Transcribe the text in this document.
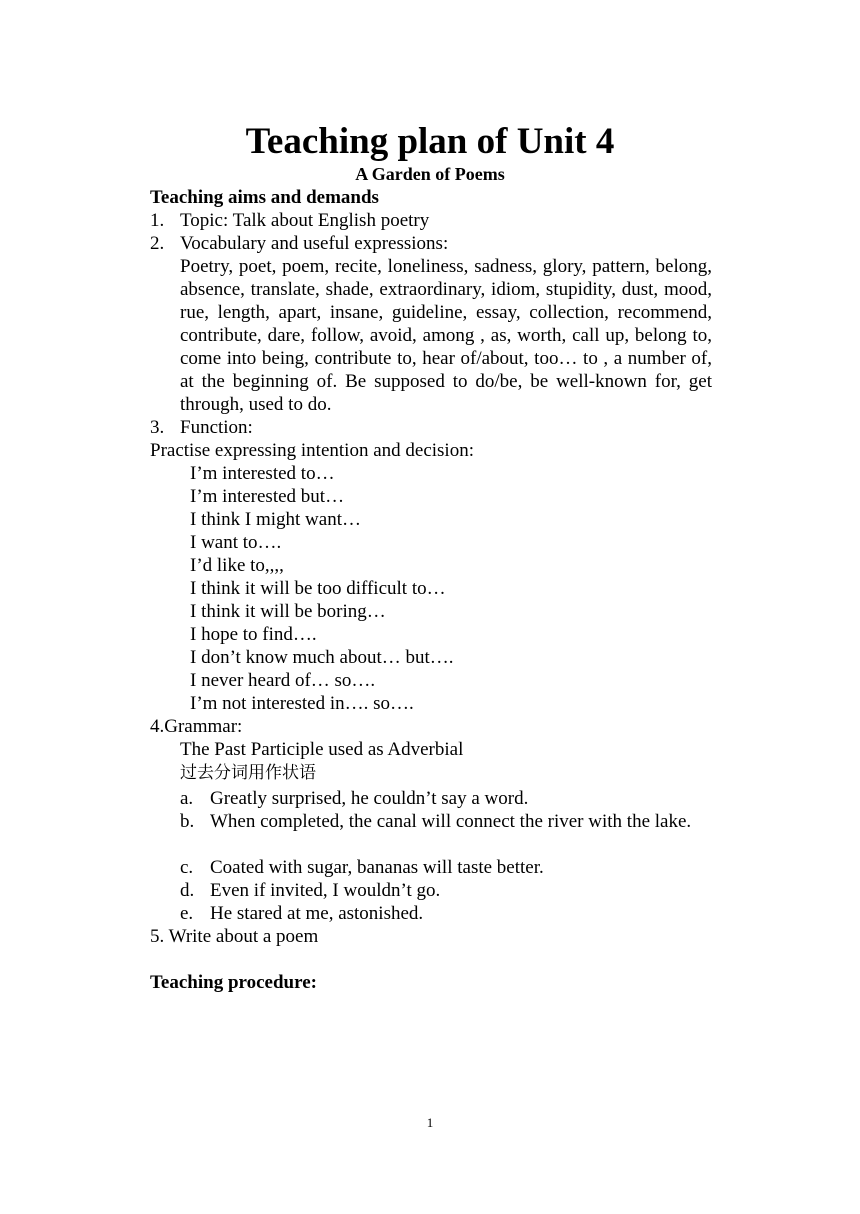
Teaching plan of Unit 4
A Garden of Poems
Teaching aims and demands
1. Topic: Talk about English poetry
2. Vocabulary and useful expressions:
Poetry, poet, poem, recite, loneliness, sadness, glory, pattern, belong, absence, translate, shade, extraordinary, idiom, stupidity, dust, mood, rue, length, apart, insane, guideline, essay, collection, recommend, contribute, dare, follow, avoid, among , as, worth, call up, belong to, come into being, contribute to, hear of/about, too… to , a number of, at the beginning of. Be supposed to do/be, be well-known for, get through, used to do.
3. Function:
Practise expressing intention and decision:
I’m interested to…
I’m interested but…
I think I might want…
I want to….
I’d like to,,,,
I think it will be too difficult to…
I think it will be boring…
I hope to find….
I don’t know much about… but….
I never heard of… so….
I’m not interested in…. so….
4.Grammar:
The Past Participle used as Adverbial
过去分词用作状语
a. Greatly surprised, he couldn’t say a word.
b. When completed, the canal will connect the river with the lake.
c. Coated with sugar, bananas will taste better.
d. Even if invited, I wouldn’t go.
e. He stared at me, astonished.
5. Write about a poem
Teaching procedure:
1
